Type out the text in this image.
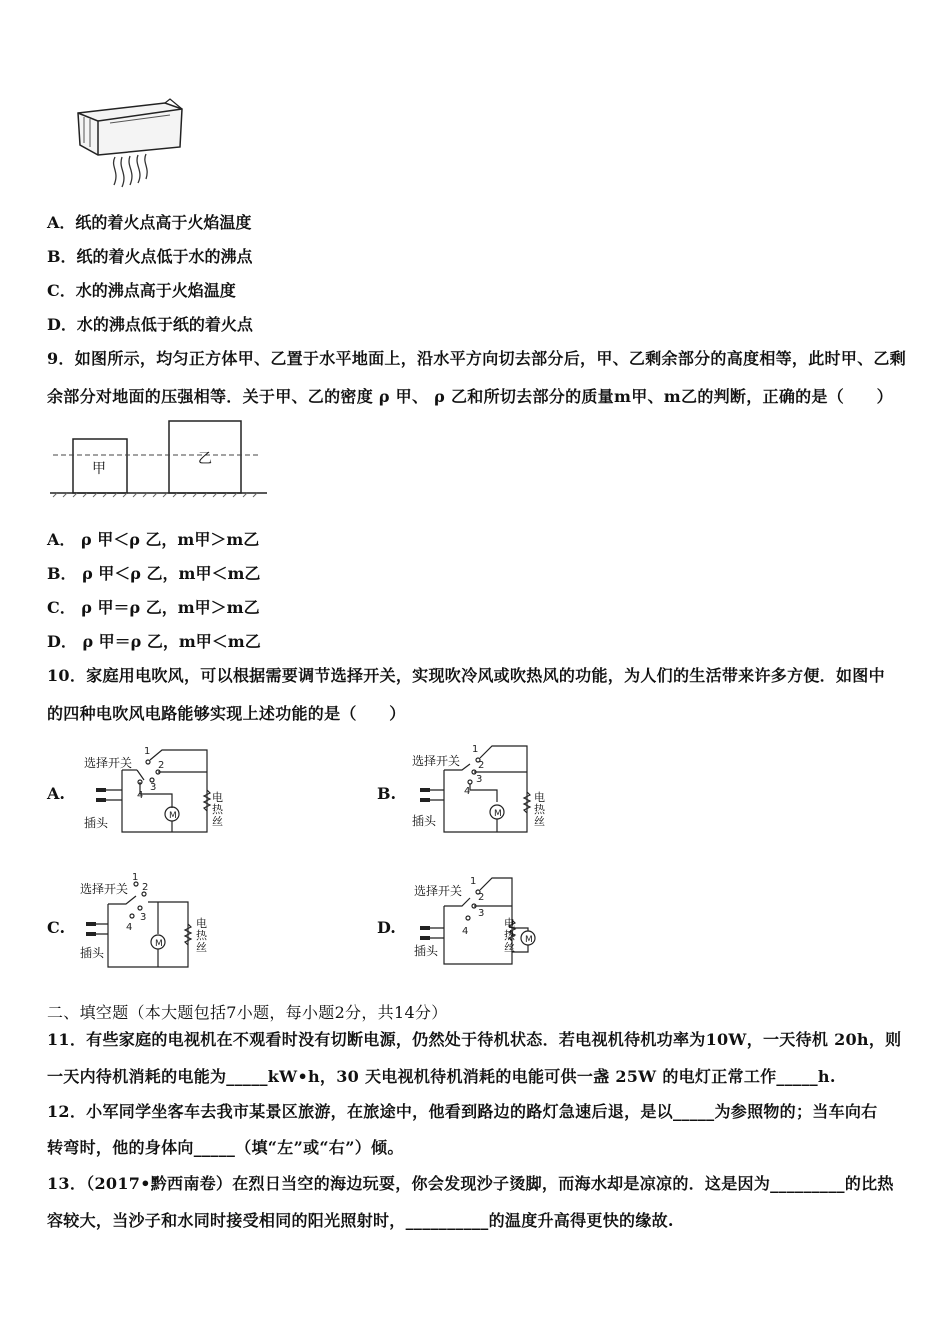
A．纸的着火点高于火焰温度
B．纸的着火点低于水的沸点
C．水的沸点高于火焰温度
D．水的沸点低于纸的着火点
9．如图所示，均匀正方体甲、乙置于水平地面上，沿水平方向切去部分后，甲、乙剩余部分的高度相等，此时甲、乙剩
余部分对地面的压强相等．关于甲、乙的密度 ρ 甲、 ρ 乙和所切去部分的质量m甲、m乙的判断，正确的是（　　）
甲
乙
A． ρ 甲＜ρ 乙，m甲＞m乙
B． ρ 甲＜ρ 乙，m甲＜m乙
C． ρ 甲＝ρ 乙，m甲＞m乙
D． ρ 甲＝ρ 乙，m甲＜m乙
10．家庭用电吹风，可以根据需要调节选择开关，实现吹冷风或吹热风的功能，为人们的生活带来许多方便．如图中
的四种电吹风电路能够实现上述功能的是（　　）
A.
M
1
2
3
4
选择开关
插头
电
热
丝
B.
M
1
2
3
4
选择开关
插头
电
热
丝
C.
M
1
2
3
4
选择开关
插头
电
热
丝
D.
M
1
2
3
4
选择开关
插头
电
热
丝
二、填空题（本大题包括7小题，每小题2分，共14分）
11．有些家庭的电视机在不观看时没有切断电源，仍然处于待机状态．若电视机待机功率为10W，一天待机 20h，则
一天内待机消耗的电能为_____kW•h，30 天电视机待机消耗的电能可供一盏 25W 的电灯正常工作_____h.
12．小军同学坐客车去我市某景区旅游，在旅途中，他看到路边的路灯急速后退，是以_____为参照物的；当车向右
转弯时，他的身体向_____（填“左”或“右”）倾。
13．（2017•黔西南卷）在烈日当空的海边玩耍，你会发现沙子烫脚，而海水却是凉凉的．这是因为_________的比热
容较大，当沙子和水同时接受相同的阳光照射时，__________的温度升高得更快的缘故.
